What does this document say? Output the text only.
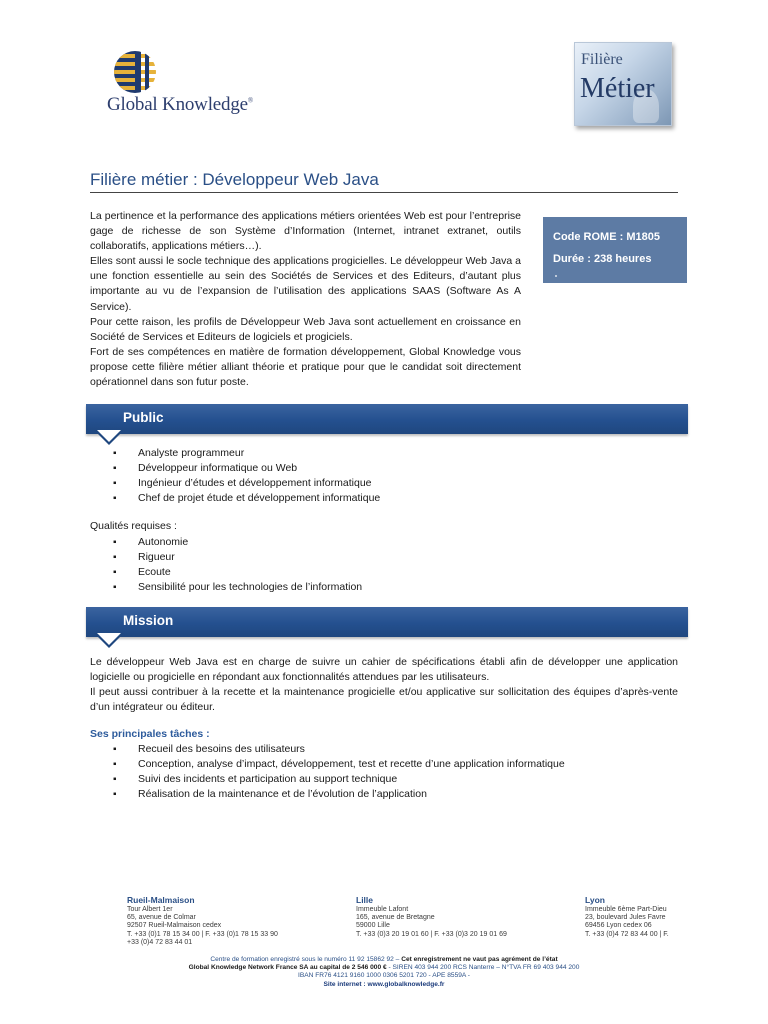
Global Knowledge®
Filière
Métier
Filière métier : Développeur Web Java

La pertinence et la performance des applications métiers orientées Web est pour l’entreprise gage de richesse de son Système d’Information (Internet, intranet extranet, outils collaboratifs, applications métiers…).

Elles sont aussi le socle technique des applications progicielles. Le développeur Web Java a une fonction essentielle au sein des Sociétés de Services et des Editeurs, d’autant plus importante au vu de l’expansion de l’utilisation des applications SAAS (Software As A Service).

Pour cette raison, les profils de Développeur Web Java sont actuellement en croissance en Société de Services et Editeurs de logiciels et progiciels.

Fort de ses compétences en matière de formation développement, Global Knowledge vous propose cette filière métier alliant théorie et pratique pour que le candidat soit directement opérationnel dans son futur poste.

Code ROME : M1805
Durée : 238 heures
Public
▪ Analyste programmeur
▪ Développeur informatique ou Web
▪ Ingénieur d’études et développement informatique
▪ Chef de projet étude et développement informatique
Qualités requises :
▪ Autonomie
▪ Rigueur
▪ Ecoute
▪ Sensibilité pour les technologies de l’information
Mission

Le développeur Web Java est en charge de suivre un cahier de spécifications établi afin de développer une application logicielle ou progicielle en répondant aux fonctionnalités attendues par les utilisateurs.

Il peut aussi contribuer à la recette et la maintenance progicielle et/ou applicative sur sollicitation des équipes d’après-vente d’un intégrateur ou éditeur.

Ses principales tâches :
▪ Recueil des besoins des utilisateurs
▪ Conception, analyse d’impact, développement, test et recette d’une application informatique
▪ Suivi des incidents et participation au support technique
▪ Réalisation de la maintenance et de l’évolution de l’application
Rueil-Malmaison
Tour Albert 1er
65, avenue de Colmar
92507 Rueil-Malmaison cedex
T. +33 (0)1 78 15 34 00 | F. +33 (0)1 78 15 33 90
+33 (0)4 72 83 44 01
Lille
Immeuble Lafont
165, avenue de Bretagne
59000 Lille
T. +33 (0)3 20 19 01 60 | F. +33 (0)3 20 19 01 69
Lyon
Immeuble 6ème Part-Dieu
23, boulevard Jules Favre
69456 Lyon cedex 06
T. +33 (0)4 72 83 44 00 | F.
Centre de formation enregistré sous le numéro 11 92 15862 92 – Cet enregistrement ne vaut pas agrément de l’état
Global Knowledge Network France SA au capital de 2 546 000 € - SIREN 403 944 200 RCS Nanterre – N°TVA FR 69 403 944 200
IBAN FR76 4121 9160 1000 0306 5201 720 - APE 8559A -
Site internet : www.globalknowledge.fr
